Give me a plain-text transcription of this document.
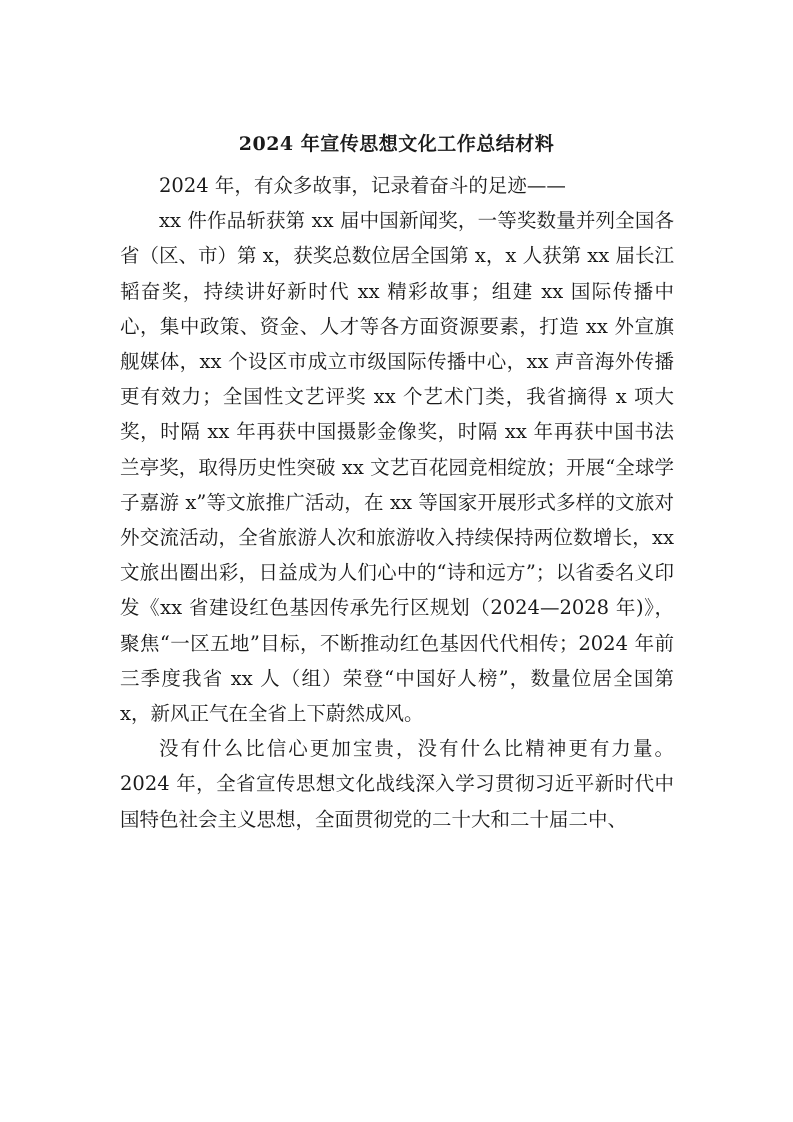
2024 年宣传思想文化工作总结材料

2024 年，有众多故事，记录着奋斗的足迹——

xx 件作品斩获第 xx 届中国新闻奖，一等奖数量并列全国各省（区、市）第 x，获奖总数位居全国第 x，x 人获第 xx 届长江韬奋奖，持续讲好新时代 xx 精彩故事；组建 xx 国际传播中心，集中政策、资金、人才等各方面资源要素，打造 xx 外宣旗舰媒体，xx 个设区市成立市级国际传播中心，xx 声音海外传播更有效力；全国性文艺评奖 xx 个艺术门类，我省摘得 x 项大奖，时隔 xx 年再获中国摄影金像奖，时隔 xx 年再获中国书法兰亭奖，取得历史性突破 xx 文艺百花园竞相绽放；开展“全球学子嘉游 x”等文旅推广活动，在 xx 等国家开展形式多样的文旅对外交流活动，全省旅游人次和旅游收入持续保持两位数增长，xx 文旅出圈出彩，日益成为人们心中的“诗和远方”；以省委名义印发《xx 省建设红色基因传承先行区规划（2024—2028 年)》，聚焦“一区五地”目标，不断推动红色基因代代相传；2024 年前三季度我省 xx 人（组）荣登“中国好人榜”，数量位居全国第 x，新风正气在全省上下蔚然成风。

没有什么比信心更加宝贵，没有什么比精神更有力量。2024 年，全省宣传思想文化战线深入学习贯彻习近平新时代中国特色社会主义思想，全面贯彻党的二十大和二十届二中、
